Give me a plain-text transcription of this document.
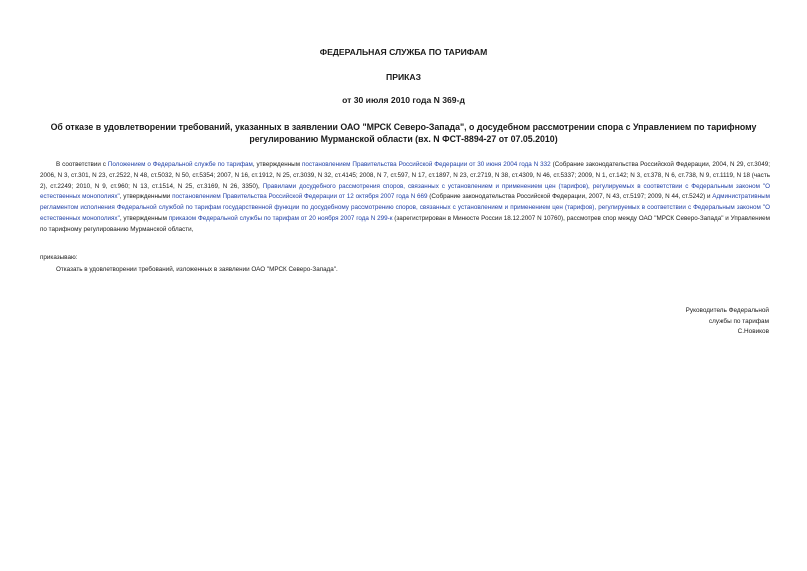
ФЕДЕРАЛЬНАЯ СЛУЖБА ПО ТАРИФАМ
ПРИКАЗ
от 30 июля 2010 года N 369-д
Об отказе в удовлетворении требований, указанных в заявлении ОАО "МРСК Северо-Запада", о досудебном рассмотрении спора с Управлением по тарифному регулированию Мурманской области (вх. N ФСТ-8894-27 от 07.05.2010)

В соответствии с Положением о Федеральной службе по тарифам, утвержденным постановлением Правительства Российской Федерации от 30 июня 2004 года N 332 (Собрание законодательства Российской Федерации, 2004, N 29, ст.3049; 2006, N 3, ст.301, N 23, ст.2522, N 48, ст.5032, N 50, ст.5354; 2007, N 16, ст.1912, N 25, ст.3039, N 32, ст.4145; 2008, N 7, ст.597, N 17, ст.1897, N 23, ст.2719, N 38, ст.4309, N 46, ст.5337; 2009, N 1, ст.142; N 3, ст.378, N 6, ст.738, N 9, ст.1119, N 18 (часть 2), ст.2249; 2010, N 9, ст.960; N 13, ст.1514, N 25, ст.3169, N 26, 3350), Правилами досудебного рассмотрения споров, связанных с установлением и применением цен (тарифов), регулируемых в соответствии с Федеральным законом "О естественных монополиях", утвержденными постановлением Правительства Российской Федерации от 12 октября 2007 года N 669 (Собрание законодательства Российской Федерации, 2007, N 43, ст.5197; 2009, N 44, ст.5242) и Административным регламентом исполнения Федеральной службой по тарифам государственной функции по досудебному рассмотрению споров, связанных с установлением и применением цен (тарифов), регулируемых в соответствии с Федеральным законом "О естественных монополиях", утвержденным приказом Федеральной службы по тарифам от 20 ноября 2007 года N 299-к (зарегистрирован в Минюсте России 18.12.2007 N 10760), рассмотрев спор между ОАО "МРСК Северо-Запада" и Управлением по тарифному регулированию Мурманской области,

приказываю:
Отказать в удовлетворении требований, изложенных в заявлении ОАО "МРСК Северо-Запада".
Руководитель Федеральной
службы по тарифам
С.Новиков
